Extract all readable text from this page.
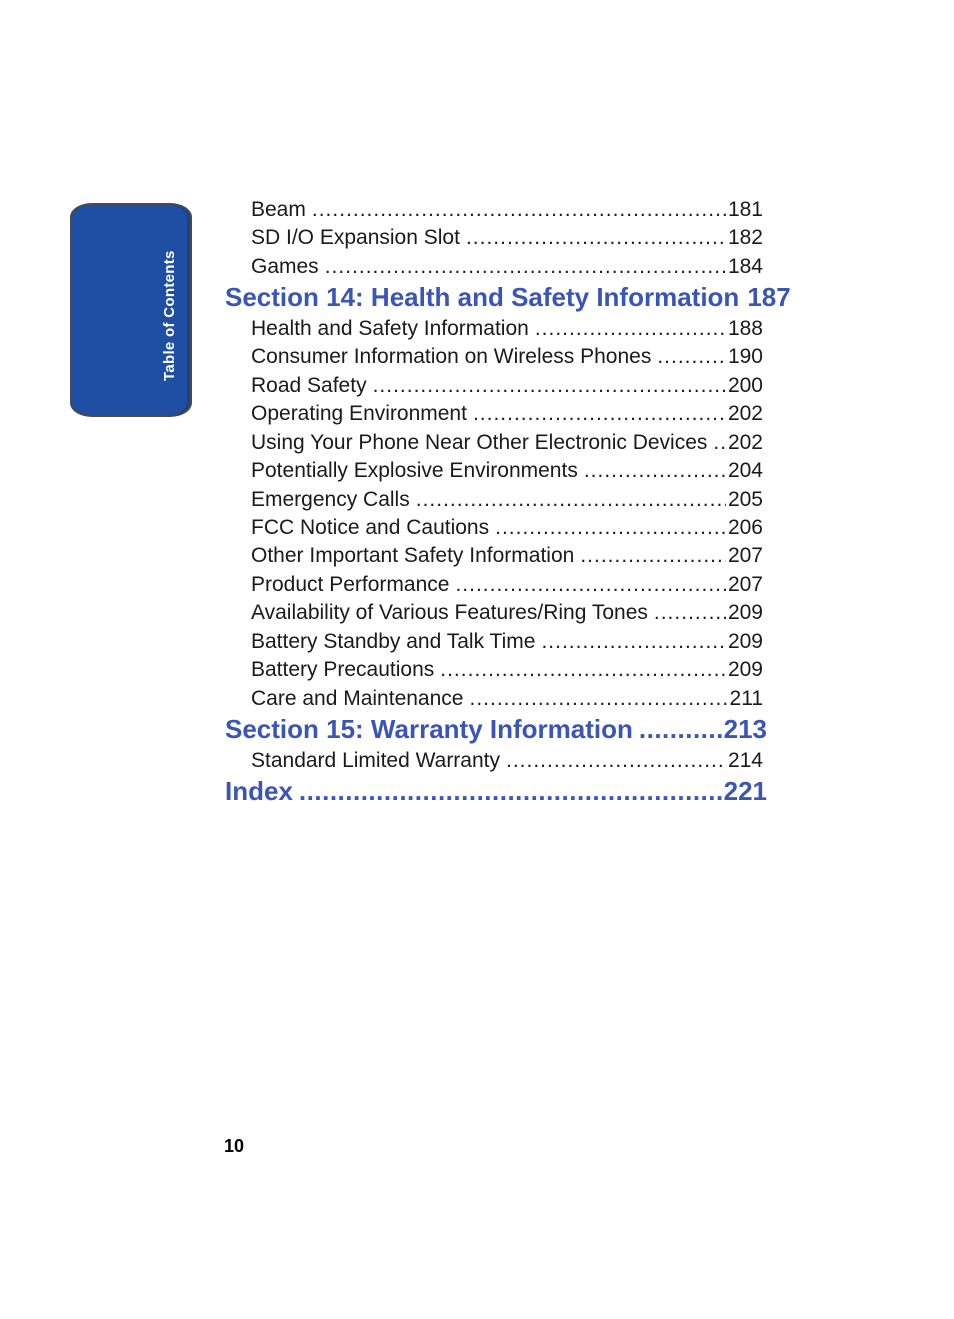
Table of Contents
Beam .....	181
SD I/O Expansion Slot .....	182
Games .....	184
Section 14: Health and Safety Information 187
Health and Safety Information .....	188
Consumer Information on Wireless Phones .....	190
Road Safety .....	200
Operating Environment .....	202
Using Your Phone Near Other Electronic Devices ..... 202
Potentially Explosive Environments .....	204
Emergency Calls .....	205
FCC Notice and Cautions .....	206
Other Important Safety Information .....	207
Product Performance .....	207
Availability of Various Features/Ring Tones .....	209
Battery Standby and Talk Time .....	209
Battery Precautions .....	209
Care and Maintenance .....	211
Section 15: Warranty Information .....	213
Standard Limited Warranty .....	214
Index .....	221
10
